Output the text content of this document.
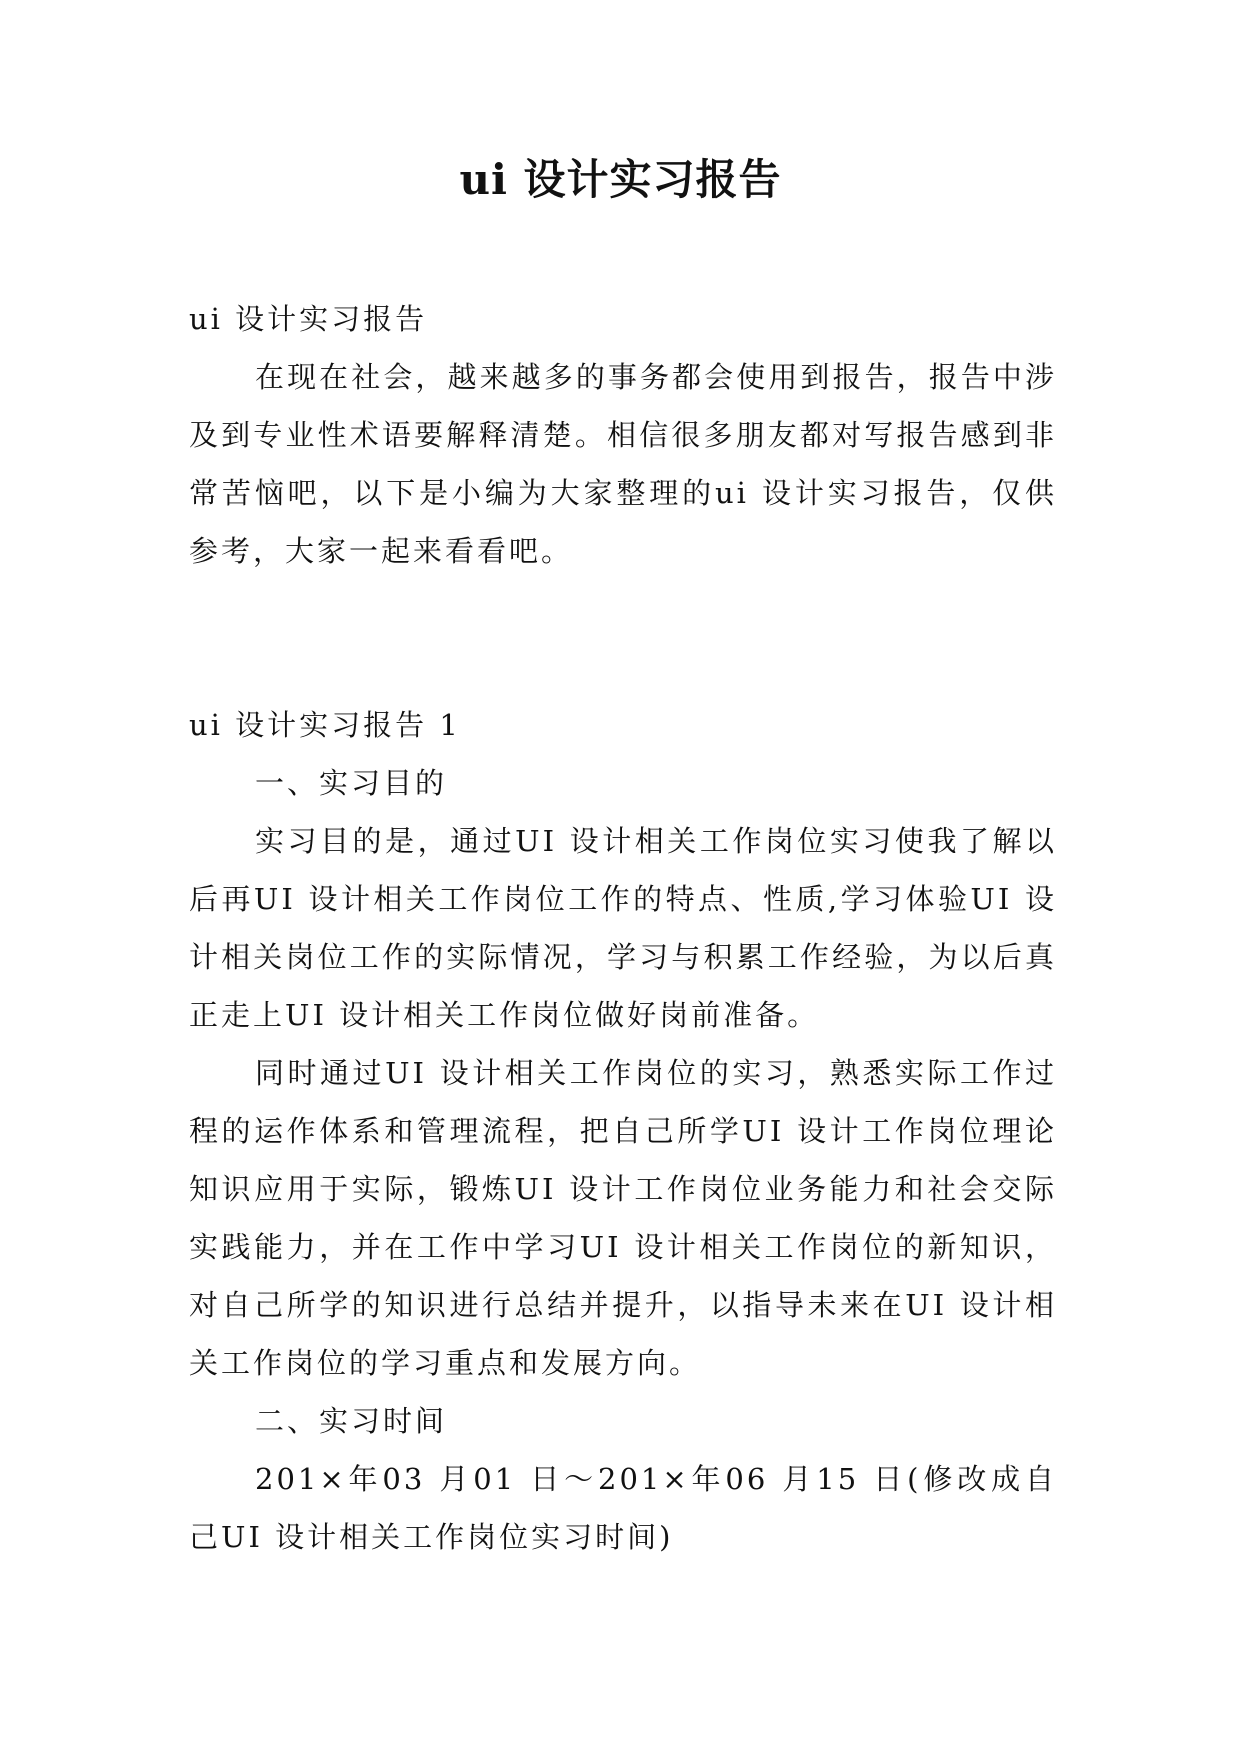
ui 设计实习报告

ui 设计实习报告

在现在社会，越来越多的事务都会使用到报告，报告中涉及到专业性术语要解释清楚。相信很多朋友都对写报告感到非常苦恼吧，以下是小编为大家整理的ui 设计实习报告，仅供参考，大家一起来看看吧。

ui 设计实习报告 1

一、实习目的

实习目的是，通过UI 设计相关工作岗位实习使我了解以后再UI 设计相关工作岗位工作的特点、性质,学习体验UI 设计相关岗位工作的实际情况，学习与积累工作经验，为以后真正走上UI 设计相关工作岗位做好岗前准备。

同时通过UI 设计相关工作岗位的实习，熟悉实际工作过程的运作体系和管理流程，把自己所学UI 设计工作岗位理论知识应用于实际，锻炼UI 设计工作岗位业务能力和社会交际实践能力，并在工作中学习UI 设计相关工作岗位的新知识，对自己所学的知识进行总结并提升，以指导未来在UI 设计相关工作岗位的学习重点和发展方向。

二、实习时间

201×年03 月01 日～201×年06 月15 日(修改成自己UI 设计相关工作岗位实习时间)
